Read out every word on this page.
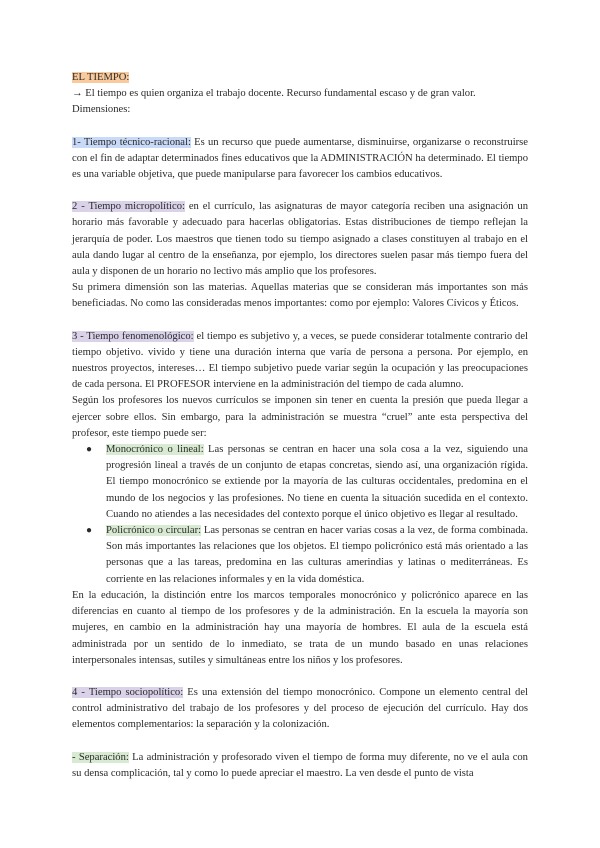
EL TIEMPO:

→ El tiempo es quien organiza el trabajo docente. Recurso fundamental escaso y de gran valor.

Dimensiones:

1- Tiempo técnico-racional: Es un recurso que puede aumentarse, disminuirse, organizarse o reconstruirse con el fin de adaptar determinados fines educativos que la ADMINISTRACIÓN ha determinado. El tiempo es una variable objetiva, que puede manipularse para favorecer los cambios educativos.

2 - Tiempo micropolítico: en el currículo, las asignaturas de mayor categoría reciben una asignación un horario más favorable y adecuado para hacerlas obligatorias. Estas distribuciones de tiempo reflejan la jerarquía de poder. Los maestros que tienen todo su tiempo asignado a clases constituyen al trabajo en el aula dando lugar al centro de la enseñanza, por ejemplo, los directores suelen pasar más tiempo fuera del aula y disponen de un horario no lectivo más amplio que los profesores.

Su primera dimensión son las materias. Aquellas materias que se consideran más importantes son más beneficiadas. No como las consideradas menos importantes: como por ejemplo: Valores Cívicos y Éticos.

3 - Tiempo fenomenológico: el tiempo es subjetivo y, a veces, se puede considerar totalmente contrario del tiempo objetivo. vivido y tiene una duración interna que varía de persona a persona. Por ejemplo, en nuestros proyectos, intereses… El tiempo subjetivo puede variar según la ocupación y las preocupaciones de cada persona. El PROFESOR interviene en la administración del tiempo de cada alumno.

Según los profesores los nuevos currículos se imponen sin tener en cuenta la presión que pueda llegar a ejercer sobre ellos. Sin embargo, para la administración se muestra “cruel” ante esta perspectiva del profesor, este tiempo puede ser:

● Monocrónico o lineal: Las personas se centran en hacer una sola cosa a la vez, siguiendo una progresión lineal a través de un conjunto de etapas concretas, siendo así, una organización rígida. El tiempo monocrónico se extiende por la mayoría de las culturas occidentales, predomina en el mundo de los negocios y las profesiones. No tiene en cuenta la situación sucedida en el contexto. Cuando no atiendes a las necesidades del contexto porque el único objetivo es llegar al resultado.
● Policrónico o circular: Las personas se centran en hacer varias cosas a la vez, de forma combinada. Son más importantes las relaciones que los objetos. El tiempo policrónico está más orientado a las personas que a las tareas, predomina en las culturas amerindias y latinas o mediterráneas. Es corriente en las relaciones informales y en la vida doméstica.

En la educación, la distinción entre los marcos temporales monocrónico y policrónico aparece en las diferencias en cuanto al tiempo de los profesores y de la administración. En la escuela la mayoría son mujeres, en cambio en la administración hay una mayoría de hombres. El aula de la escuela está administrada por un sentido de lo inmediato, se trata de un mundo basado en unas relaciones interpersonales intensas, sutiles y simultáneas entre los niños y los profesores.

4 - Tiempo sociopolítico: Es una extensión del tiempo monocrónico. Compone un elemento central del control administrativo del trabajo de los profesores y del proceso de ejecución del currículo. Hay dos elementos complementarios: la separación y la colonización.

- Separación: La administración y profesorado viven el tiempo de forma muy diferente, no ve el aula con su densa complicación, tal y como lo puede apreciar el maestro. La ven desde el punto de vista
